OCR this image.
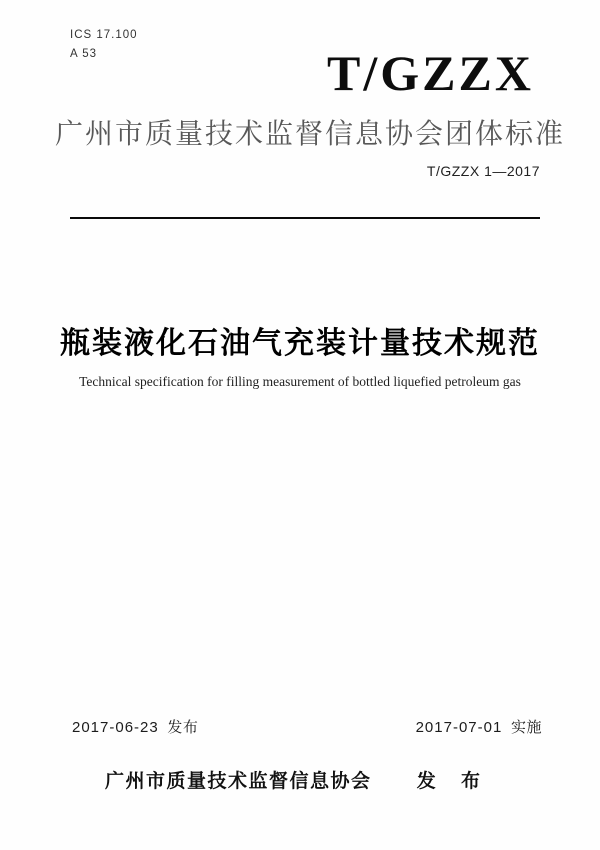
ICS 17.100
A 53	T/GZZX
广州市质量技术监督信息协会团体标准
T/GZZX 1—2017
瓶装液化石油气充装计量技术规范
Technical specification for filling measurement of bottled liquefied petroleum gas
2017-06-23 发布	2017-07-01 实施
广州市质量技术监督信息协会 发 布
